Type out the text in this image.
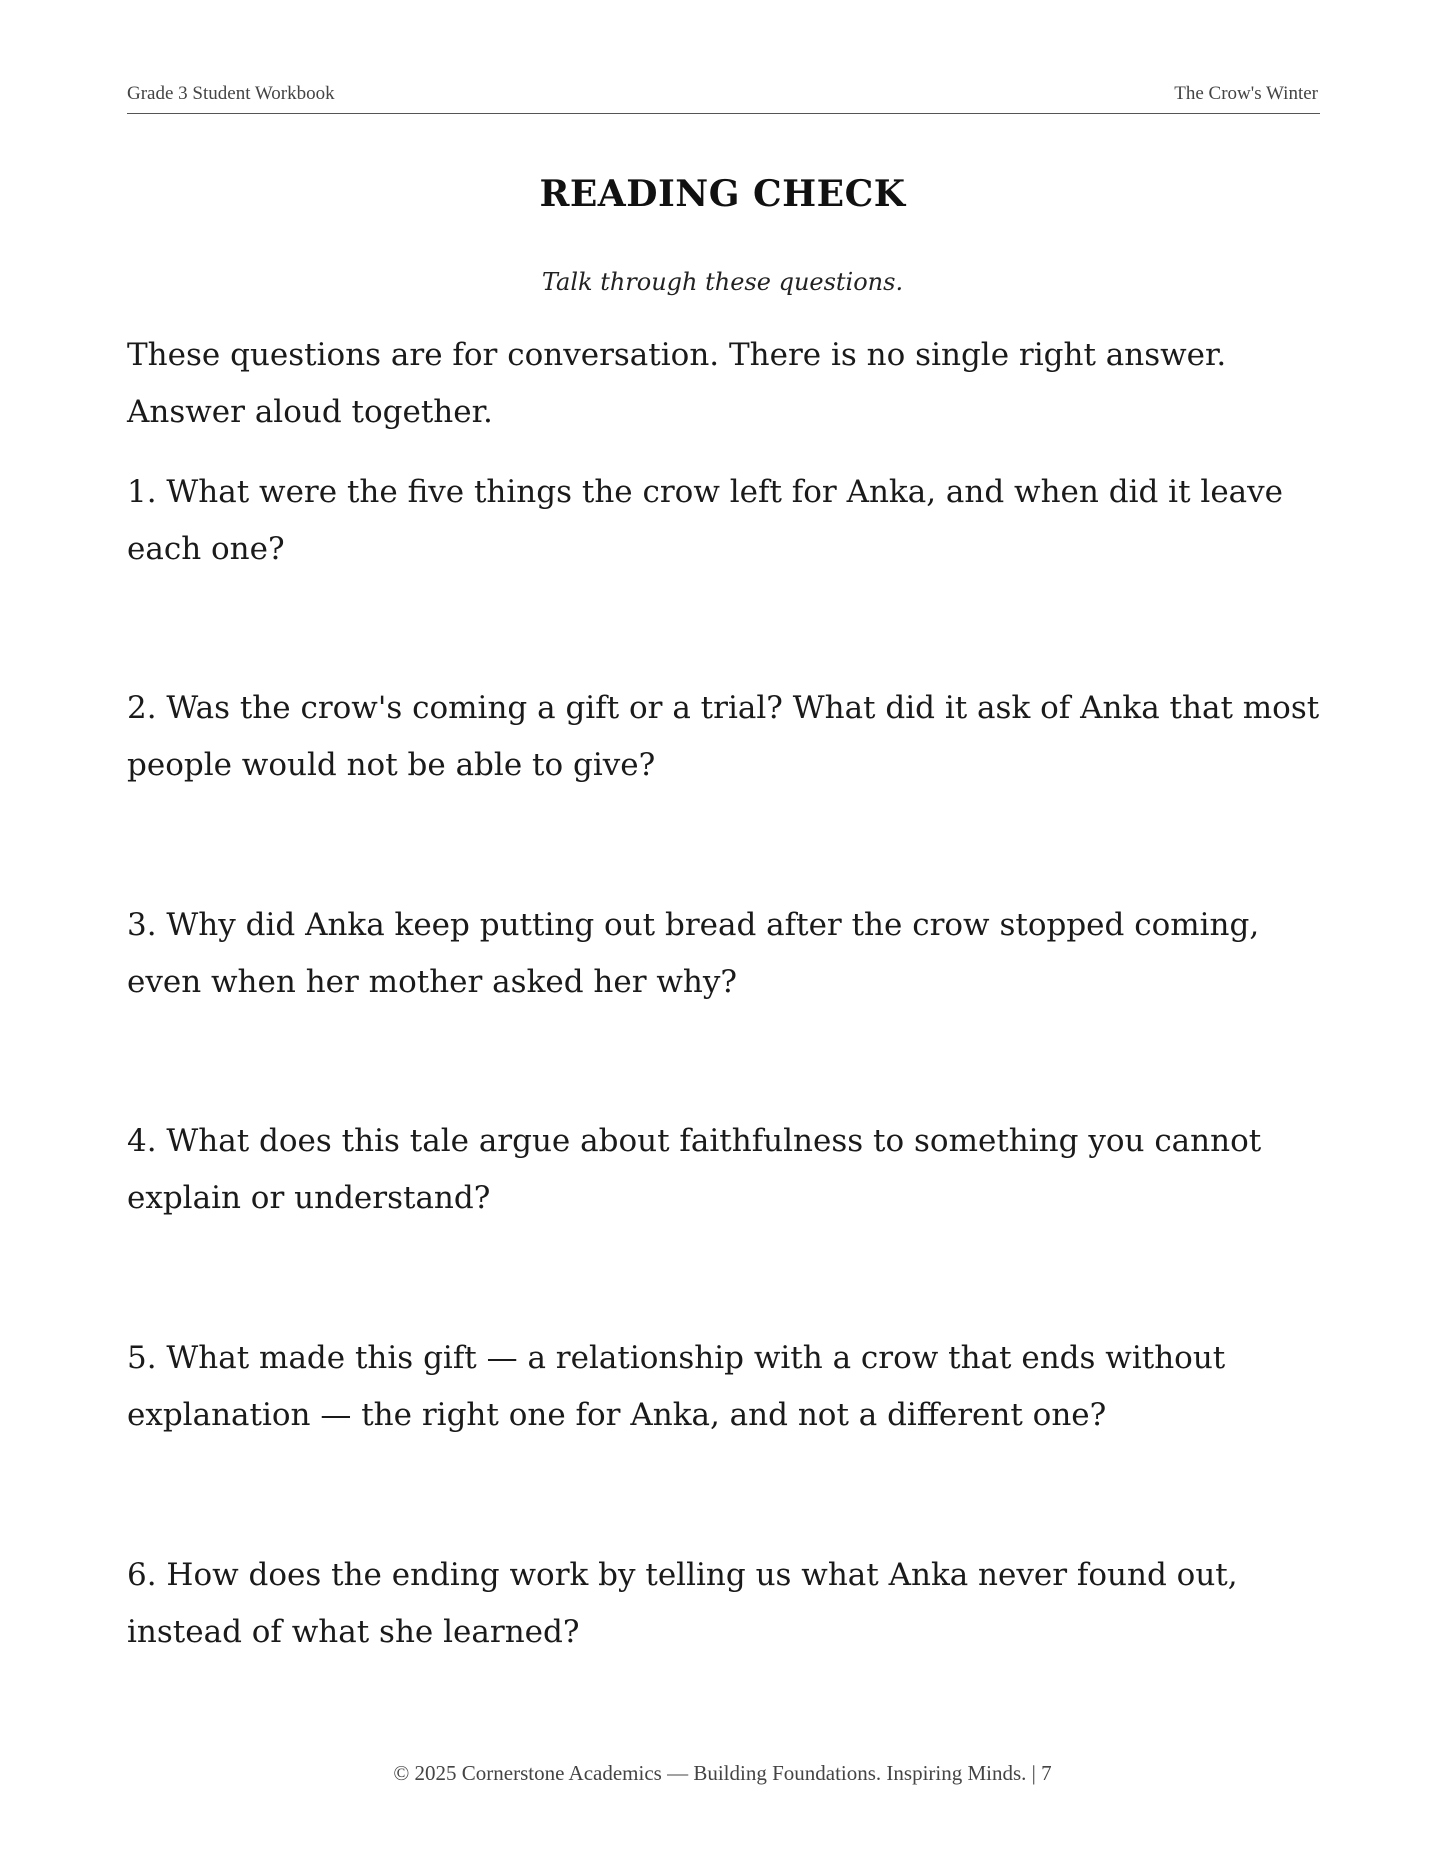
Grade 3 Student Workbook	The Crow's Winter
READING CHECK
Talk through these questions.

These questions are for conversation. There is no single right answer. Answer aloud together.

1. What were the five things the crow left for Anka, and when did it leave each one?

2. Was the crow's coming a gift or a trial? What did it ask of Anka that most people would not be able to give?

3. Why did Anka keep putting out bread after the crow stopped coming, even when her mother asked her why?

4. What does this tale argue about faithfulness to something you cannot explain or understand?

5. What made this gift — a relationship with a crow that ends without explanation — the right one for Anka, and not a different one?

6. How does the ending work by telling us what Anka never found out, instead of what she learned?

© 2025 Cornerstone Academics — Building Foundations. Inspiring Minds. | 7
